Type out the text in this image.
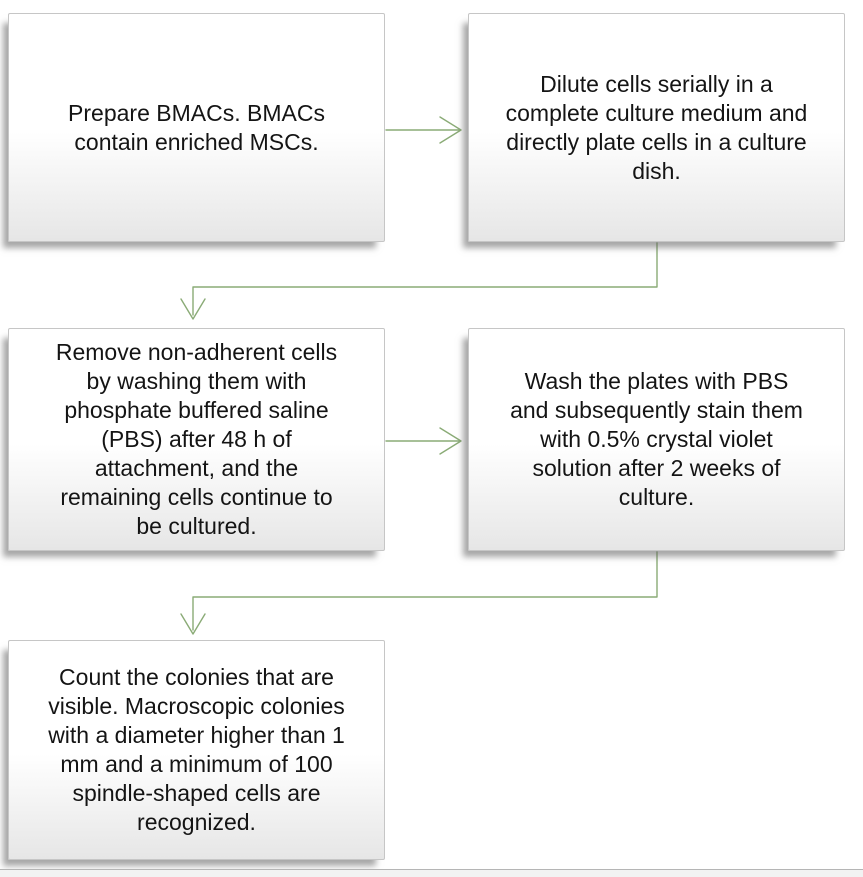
Prepare BMACs. BMACs contain enriched MSCs.
Dilute cells serially in a complete culture medium and directly plate cells in a culture dish.
Remove non-adherent cells by washing them with phosphate buffered saline (PBS) after 48 h of attachment, and the remaining cells continue to be cultured.
Wash the plates with PBS and subsequently stain them with 0.5% crystal violet solution after 2 weeks of culture.
Count the colonies that are visible. Macroscopic colonies with a diameter higher than 1 mm and a minimum of 100 spindle-shaped cells are recognized.
